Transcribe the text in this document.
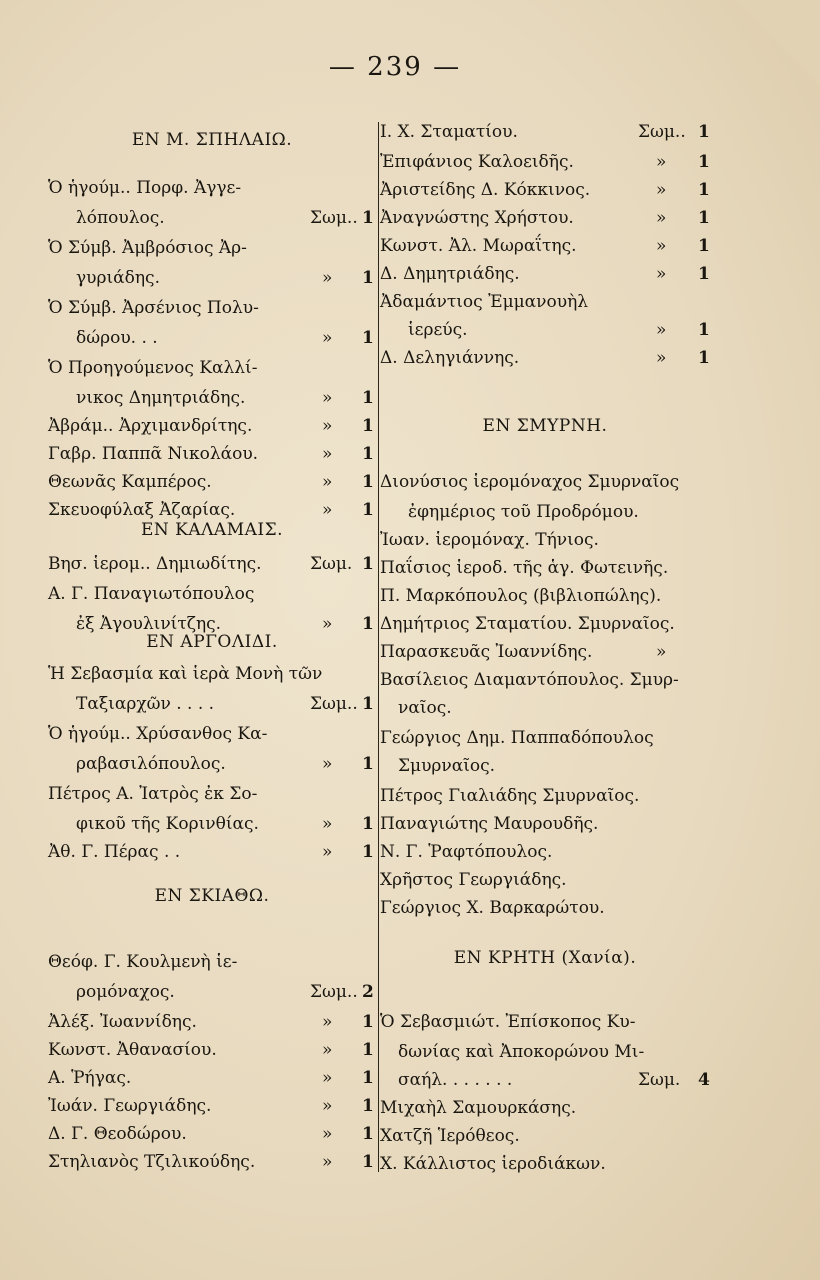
— 239 —
ΕΝ Μ. ΣΠΗΛΑΙΩ.
Ὁ ἡγούμ.. Πορφ. Ἀγγε-
λόπουλος.	Σωμ.. 1
Ὁ Σύμβ. Ἀμβρόσιος Ἀρ-
γυριάδης.	» 1
Ὁ Σύμβ. Ἀρσένιος Πολυ-
δώρου. . .	» 1
Ὁ Προηγούμενος Καλλί-
νικος Δημητριάδης.	» 1
Ἀβράμ.. Ἀρχιμανδρίτης.	» 1
Γαβρ. Παππᾶ Νικολάου.	» 1
Θεωνᾶς Καμπέρος.	» 1
Σκευοφύλαξ Ἀζαρίας.	» 1
ΕΝ ΚΑΛΑΜΑΙΣ.
Βησ. ἱερομ.. Δημιωδίτης.	Σωμ. 1
Α. Γ. Παναγιωτόπουλος
ἐξ Ἀγουλινίτζης.	» 1
ΕΝ ΑΡΓΟΛΙΔΙ.
Ἡ Σεβασμία καὶ ἱερὰ Μονὴ τῶν
Ταξιαρχῶν . . . .	Σωμ.. 1
Ὁ ἡγούμ.. Χρύσανθος Κα-
ραβασιλόπουλος.	» 1
Πέτρος Α. Ἰατρὸς ἐκ Σο-
φικοῦ τῆς Κορινθίας.	» 1
Ἀθ. Γ. Πέρας . .	» 1
ΕΝ ΣΚΙΑΘΩ.
Θεόφ. Γ. Κουλμενὴ ἱε-
ρομόναχος.	Σωμ.. 2
Ἀλέξ. Ἰωαννίδης.	» 1
Κωνστ. Ἀθανασίου.	» 1
Α. Ῥήγας.	» 1
Ἰωάν. Γεωργιάδης.	» 1
Δ. Γ. Θεοδώρου.	» 1
Στηλιανὸς Τζιλικούδης.	» 1
Ι. Χ. Σταματίου.	Σωμ.. 1
Ἐπιφάνιος Καλοειδῆς.	» 1
Ἀριστείδης Δ. Κόκκινος.	» 1
Ἀναγνώστης Χρήστου.	» 1
Κωνστ. Ἀλ. Μωραΐτης.	» 1
Δ. Δημητριάδης.	» 1
Ἀδαμάντιος Ἐμμανουὴλ
ἱερεύς.	» 1
Δ. Δεληγιάννης.	» 1
ΕΝ ΣΜΥΡΝΗ.
Διονύσιος ἱερομόναχος Σμυρναῖος
ἐφημέριος τοῦ Προδρόμου.
Ἰωαν. ἱερομόναχ. Τήνιος.
Παΐσιος ἱεροδ. τῆς ἁγ. Φωτεινῆς.
Π. Μαρκόπουλος (βιβλιοπώλης).
Δημήτριος Σταματίου. Σμυρναῖος.
Παρασκευᾶς Ἰωαννίδης.	»
Βασίλειος Διαμαντόπουλος. Σμυρ-
ναῖος.
Γεώργιος Δημ. Παππαδόπουλος
Σμυρναῖος.
Πέτρος Γιαλιάδης Σμυρναῖος.
Παναγιώτης Μαυρουδῆς.
Ν. Γ. Ῥαφτόπουλος.
Χρῆστος Γεωργιάδης.
Γεώργιος Χ. Βαρκαρώτου.
ΕΝ ΚΡΗΤΗ (Χανία).
Ὁ Σεβασμιώτ. Ἐπίσκοπος Κυ-
δωνίας καὶ Ἀποκορώνου Μι-
σαήλ. . . . . . .	Σωμ. 4
Μιχαὴλ Σαμουρκάσης.
Χατζῆ Ἱερόθεος.
Χ. Κάλλιστος ἱεροδιάκων.
